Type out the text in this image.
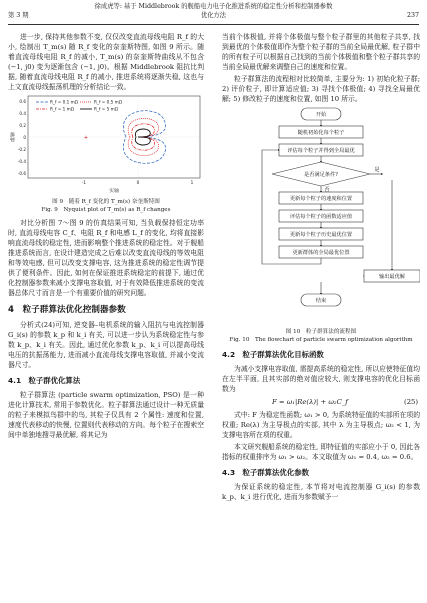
徐成虎等: 基于 Middlebrook 的舰船电力电子化推进系统的稳定性分析和控制器参数
第 3 期	优化方法	237

进一步, 保持其他参数不变, 仅仅改变直流母线电阻 R_f 的大小, 绘制出 T_m(s) 随 R_f 变化的奈奎斯特图, 如图 9 所示。随着直流母线电阻 R_f 的减小, T_m(s) 的奈奎斯特曲线从不包含 (−1, j0) 变为逐渐包含 (−1, j0)。根据 Middlebrook 阻抗比判据, 随着直流母线电阻 R_f 的减小, 推进系统将逐渐失稳, 这也与上文直流母线振荡机理的分析结论一致。

0.6
0.4
0.2
0
-0.2
-0.4
-0.6
-1	0	1
实轴
虚轴	+
R_f = 0.1 mΩ
R_f = 1 mΩ
R_f = 0.5 mΩ
R_f = 5 mΩ
图 9　随着 R_f 变化的 T_m(s) 奈奎斯特图
Fig. 9　Nyquist plot of T_m(s) as R_f changes

对比分析图 7～图 9 的仿真结果可知, 当负载保持恒定功率时, 直流母线电容 C_f、电阻 R_f 和电感 L_f 的变化, 均将直接影响直流母线的稳定性, 进而影响整个推进系统的稳定性。对于舰船推进系统而言, 在设计建造完成之后难以改变直流母线的等效电阻和等效电感, 但可以改变支撑电容, 这为推进系统的稳定性调节提供了便利条件。因此, 如何在保证推进系统稳定的前提下, 通过优化控制器参数来减小支撑电容取值, 对于有效降低推进系统的变流器总体尺寸而言是一个有重要价值的研究问题。

4　粒子群算法优化控制器参数

分析式(24)可知, 逆变器–电机系统的输入阻抗与电流控制器 G_i(s) 的参数 k_p 和 k_i 有关, 可以进一步认为系统稳定性与参数 k_p、k_i 有关。因此, 通过优化参数 k_p、k_i 可以提高母线电压的抗振荡能力, 进而减小直流母线支撑电容取值, 并减小变流器尺寸。

4.1　粒子群优化算法

粒子群算法 (particle swarm optimization, PSO) 是一种进化计算技术, 常用于参数优化。粒子群算法通过设计一种无质量的粒子来模拟鸟群中的鸟, 其粒子仅具有 2 个属性: 速度和位置, 速度代表移动的快慢, 位置则代表移动的方向。每个粒子在搜索空间中单独地搜寻最优解, 将其记为

当前个体极值, 并将个体极值与整个粒子群里的其他粒子共享, 找到最优的个体极值即作为整个粒子群的当前全局最优解, 粒子群中的所有粒子可以根据自己找到的当前个体极值和整个粒子群共享的当前全局最优解来调整自己的速度和位置。

粒子群算法的流程相对比较简单, 主要分为: 1) 初始化粒子群; 2) 评价粒子, 即计算适应值; 3) 寻找个体极值; 4) 寻找全局最优解; 5) 修改粒子的速度和位置, 如图 10 所示。

开始
随机初始化每个粒子
评估每个粒子并得到全局最优
是否满足条件?
更新每个粒子的速度和位置
评估每个粒子的函数适应值
更新每个粒子历史最优位置
更新群体的全局最优位置
输出最优解
结束
是
否
图 10　粒子群算法的流程图
Fig. 10　The flowchart of particle swarm optimization algorithm
4.2　粒子群算法优化目标函数

为减小支撑电容取值, 需提高系统的稳定性, 所以应使特征值均在左半平面, 且其实部的绝对值应较大, 则支撑电容的优化目标函数为

F = ω₁|Re(λ)| + ω₂C_f	(25)

式中: F 为稳定性函数; ω₁ > 0, 为系统特征值的实部所在项的权重; Re(λ) 为主导极点的实部, 其中 λ 为主导极点; ω₂ < 1, 为支撑电容所在项的权重。

本文研究舰船系统的稳定性, 即特征值的实部应小于 0, 因此各指标的权重排序为 ω₁ > ω₂。本文取值为 ω₁ = 0.4, ω₂ = 0.6。

4.3　粒子群算法优化参数

为保证系统的稳定性, 本节将对电流控制器 G_i(s) 的参数 k_p、k_i 进行优化, 进而为参数赋予一
